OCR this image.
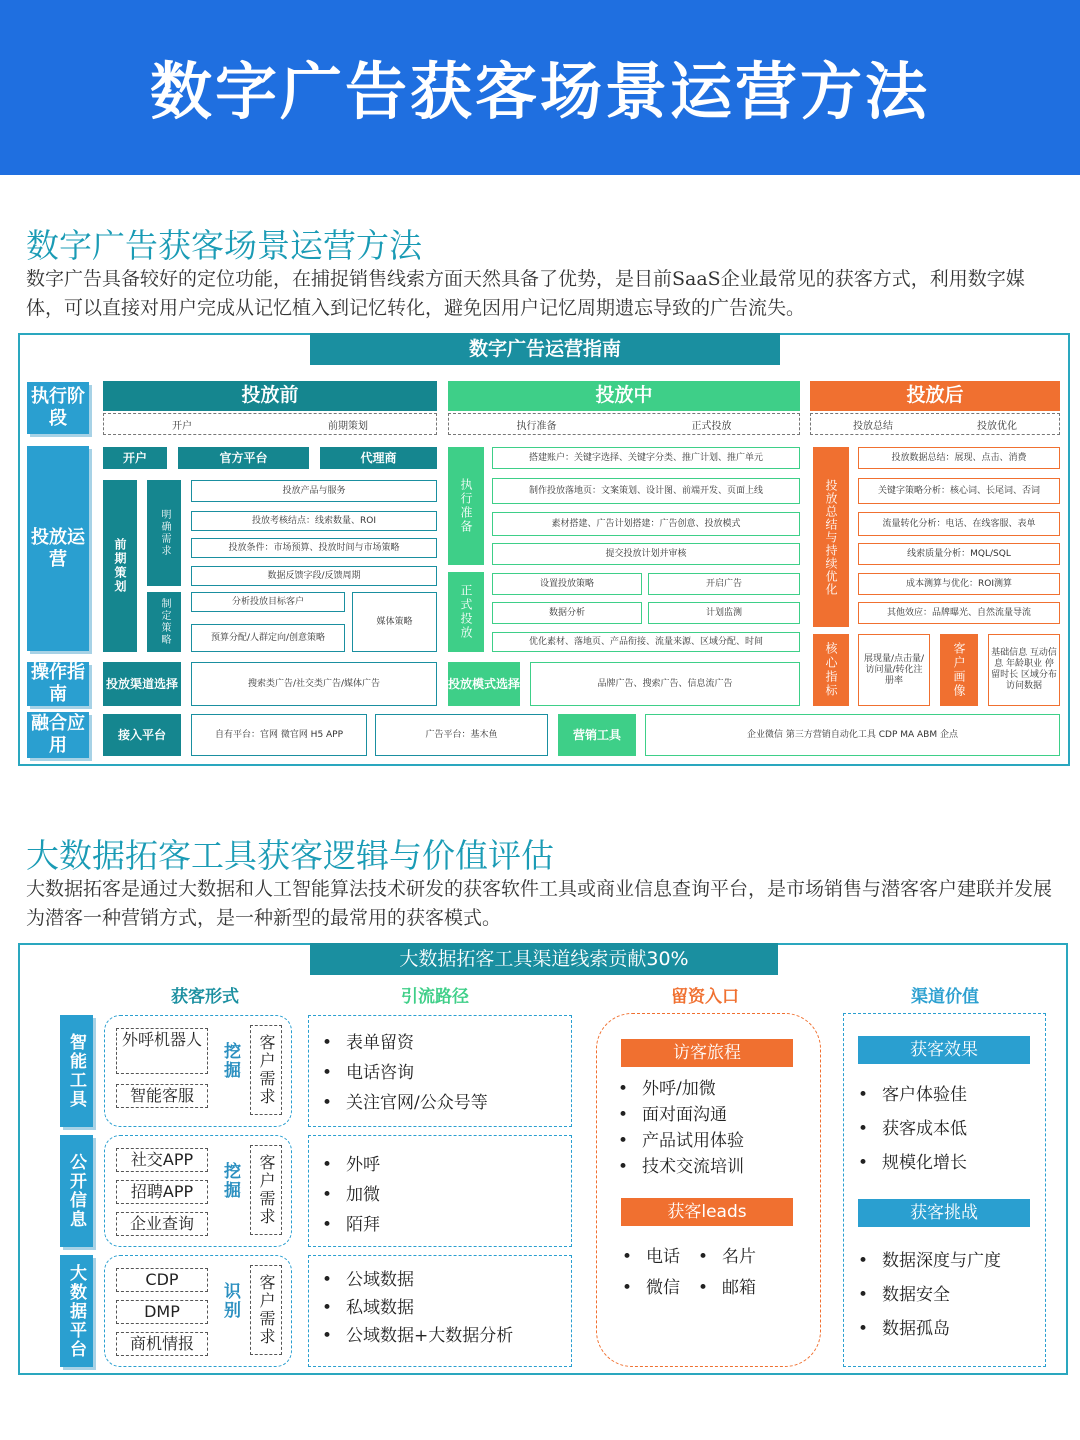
数字广告获客场景运营方法
数字广告获客场景运营方法
数字广告具备较好的定位功能，在捕捉销售线索方面天然具备了优势，是目前SaaS企业最常见的获客方式，利用数字媒体，可以直接对用户完成从记忆植入到记忆转化，避免因用户记忆周期遗忘导致的广告流失。
数字广告运营指南
执行阶段
投放运营
操作指南
融合应用
投放前
开户	前期策划
开户	官方平台	代理商
前期策划
明确需求
制定策略
投放产品与服务
投放考核结点：线索数量、ROI
投放条件：市场预算、投放时间与市场策略
数据反馈字段/反馈周期
分析投放目标客户
预算分配/人群定向/创意策略
媒体策略
投放渠道选择	搜索类广告/社交类广告/媒体广告
接入平台	自有平台：官网 微官网 H5 APP	广告平台：基木鱼
投放中
执行准备	正式投放
执行准备
正式投放
搭建账户：关键字选择、关键字分类、推广计划、推广单元
制作投放落地页：文案策划、设计图、前端开发、页面上线
素材搭建、广告计划搭建：广告创意、投放模式
提交投放计划并审核
设置投放策略	开启广告
数据分析	计划监测
优化素材、落地页、产品衔接、流量来源、区域分配、时间
投放模式选择	品牌广告、搜索广告、信息流广告
营销工具	企业微信 第三方营销自动化工具 CDP MA ABM 企点
投放后
投放总结	投放优化
投放总结与持续优化
投放数据总结：展现、点击、消费
关键字策略分析：核心词、长尾词、否词
流量转化分析：电话、在线客服、表单
线索质量分析：MQL/SQL
成本测算与优化：ROI测算
其他效应：品牌曝光、自然流量导流
核心指标	展现量/点击量/访问量/转化注册率	客户画像	基础信息 互动信息 年龄职业 停留时长 区域分布 访问数据
大数据拓客工具获客逻辑与价值评估
大数据拓客是通过大数据和人工智能算法技术研发的获客软件工具或商业信息查询平台，是市场销售与潜客客户建联并发展为潜客一种营销方式，是一种新型的最常用的获客模式。
大数据拓客工具渠道线索贡献30%
获客形式	引流路径	留资入口	渠道价值
智能工具
公开信息
大数据平台
外呼机器人
智能客服
挖掘	客户需求
社交APP
招聘APP
企业查询
挖掘	客户需求
CDP
DMP
商机情报
识别	客户需求
• 表单留资
• 电话咨询
• 关注官网/公众号等
• 外呼
• 加微
• 陌拜
• 公域数据
• 私域数据
• 公域数据+大数据分析
访客旅程
• 外呼/加微
• 面对面沟通
• 产品试用体验
• 技术交流培训
获客leads
• 电话
• 微信
• 名片
• 邮箱
获客效果
• 客户体验佳
• 获客成本低
• 规模化增长
获客挑战
• 数据深度与广度
• 数据安全
• 数据孤岛
